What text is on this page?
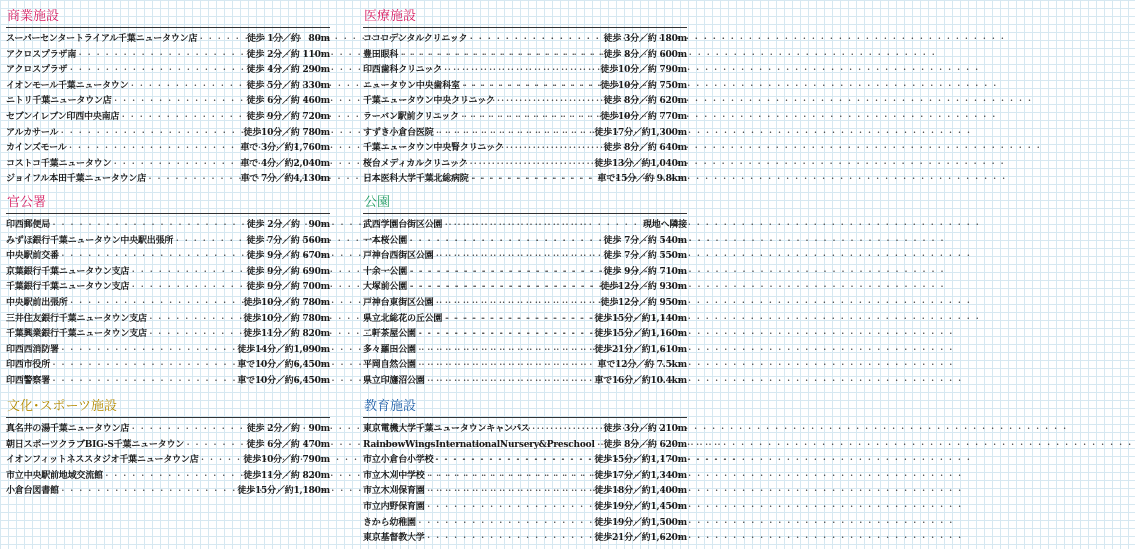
商業施設
スーパーセンタートライアル千葉ニュータウン店 ・・・・・・・・・・・・・・・・・・・・・・・・・・・・・・・・・・・・・・・・・・・・・・・・・・・・・・・・・・・・	徒歩 1分／約　80m
アクロスプラザ南 ・・・・・・・・・・・・・・・・・・・・・・・・・・・・・・・・・・・・・・・・・・・・・・・・・・・・・・・・・・・・	徒歩 2分／約 110m
アクロスプラザ ・・・・・・・・・・・・・・・・・・・・・・・・・・・・・・・・・・・・・・・・・・・・・・・・・・・・・・・・・・・・	徒歩 4分／約 290m
イオンモール千葉ニュータウン ・・・・・・・・・・・・・・・・・・・・・・・・・・・・・・・・・・・・・・・・・・・・・・・・・・・・・・・・・・・・	徒歩 5分／約 330m
ニトリ千葉ニュータウン店 ・・・・・・・・・・・・・・・・・・・・・・・・・・・・・・・・・・・・・・・・・・・・・・・・・・・・・・・・・・・・	徒歩 6分／約 460m
セブンイレブン印西中央南店 ・・・・・・・・・・・・・・・・・・・・・・・・・・・・・・・・・・・・・・・・・・・・・・・・・・・・・・・・・・・・	徒歩 9分／約 720m
アルカサール ・・・・・・・・・・・・・・・・・・・・・・・・・・・・・・・・・・・・・・・・・・・・・・・・・・・・・・・・・・・・	徒歩10分／約 780m
カインズモール ・・・・・・・・・・・・・・・・・・・・・・・・・・・・・・・・・・・・・・・・・・・・・・・・・・・・・・・・・・・・	車で 3分／約1,760m
コストコ千葉ニュータウン ・・・・・・・・・・・・・・・・・・・・・・・・・・・・・・・・・・・・・・・・・・・・・・・・・・・・・・・・・・・・	車で 4分／約2,040m
ジョイフル本田千葉ニュータウン店 ・・・・・・・・・・・・・・・・・・・・・・・・・・・・・・・・・・・・・・・・・・・・・・・・・・・・・・・・・・・・	車で 7分／約4,130m
医療施設
ココロデンタルクリニック ・・・・・・・・・・・・・・・・・・・・・・・・・・・・・・・・・・・・・・・・・・・・・・・・・・・・・・・・・・・・	徒歩 3分／約 180m
豊田眼科 ・・・・・・・・・・・・・・・・・・・・・・・・・・・・・・・・・・・・・・・・・・・・・・・・・・・・・・・・・・・・	徒歩 8分／約 600m
印西歯科クリニック ・・・・・・・・・・・・・・・・・・・・・・・・・・・・・・・・・・・・・・・・・・・・・・・・・・・・・・・・・・・・	徒歩10分／約 790m
ニュータウン中央歯科室 ・・・・・・・・・・・・・・・・・・・・・・・・・・・・・・・・・・・・・・・・・・・・・・・・・・・・・・・・・・・・	徒歩10分／約 750m
千葉ニュータウン中央クリニック ・・・・・・・・・・・・・・・・・・・・・・・・・・・・・・・・・・・・・・・・・・・・・・・・・・・・・・・・・・・・	徒歩 8分／約 620m
ラーバン駅前クリニック ・・・・・・・・・・・・・・・・・・・・・・・・・・・・・・・・・・・・・・・・・・・・・・・・・・・・・・・・・・・・	徒歩10分／約 770m
すずき小倉台医院 ・・・・・・・・・・・・・・・・・・・・・・・・・・・・・・・・・・・・・・・・・・・・・・・・・・・・・・・・・・・・	徒歩17分／約1,300m
千葉ニュータウン中央腎クリニック ・・・・・・・・・・・・・・・・・・・・・・・・・・・・・・・・・・・・・・・・・・・・・・・・・・・・・・・・・・・・	徒歩 8分／約 640m
桜台メディカルクリニック ・・・・・・・・・・・・・・・・・・・・・・・・・・・・・・・・・・・・・・・・・・・・・・・・・・・・・・・・・・・・	徒歩13分／約1,040m
日本医科大学千葉北総病院 ・・・・・・・・・・・・・・・・・・・・・・・・・・・・・・・・・・・・・・・・・・・・・・・・・・・・・・・・・・・・	車で15分／約 9.8km
官公署
印西郵便局 ・・・・・・・・・・・・・・・・・・・・・・・・・・・・・・・・・・・・・・・・・・・・・・・・・・・・・・・・・・・・	徒歩 2分／約　90m
みずほ銀行千葉ニュータウン中央駅出張所 ・・・・・・・・・・・・・・・・・・・・・・・・・・・・・・・・・・・・・・・・・・・・・・・・・・・・・・・・・・・・	徒歩 7分／約 560m
中央駅前交番 ・・・・・・・・・・・・・・・・・・・・・・・・・・・・・・・・・・・・・・・・・・・・・・・・・・・・・・・・・・・・	徒歩 9分／約 670m
京葉銀行千葉ニュータウン支店 ・・・・・・・・・・・・・・・・・・・・・・・・・・・・・・・・・・・・・・・・・・・・・・・・・・・・・・・・・・・・	徒歩 9分／約 690m
千葉銀行千葉ニュータウン支店 ・・・・・・・・・・・・・・・・・・・・・・・・・・・・・・・・・・・・・・・・・・・・・・・・・・・・・・・・・・・・	徒歩 9分／約 700m
中央駅前出張所 ・・・・・・・・・・・・・・・・・・・・・・・・・・・・・・・・・・・・・・・・・・・・・・・・・・・・・・・・・・・・	徒歩10分／約 780m
三井住友銀行千葉ニュータウン支店 ・・・・・・・・・・・・・・・・・・・・・・・・・・・・・・・・・・・・・・・・・・・・・・・・・・・・・・・・・・・・	徒歩10分／約 780m
千葉興業銀行千葉ニュータウン支店 ・・・・・・・・・・・・・・・・・・・・・・・・・・・・・・・・・・・・・・・・・・・・・・・・・・・・・・・・・・・・	徒歩11分／約 820m
印西西消防署 ・・・・・・・・・・・・・・・・・・・・・・・・・・・・・・・・・・・・・・・・・・・・・・・・・・・・・・・・・・・・	徒歩14分／約1,090m
印西市役所 ・・・・・・・・・・・・・・・・・・・・・・・・・・・・・・・・・・・・・・・・・・・・・・・・・・・・・・・・・・・・	車で10分／約6,450m
印西警察署 ・・・・・・・・・・・・・・・・・・・・・・・・・・・・・・・・・・・・・・・・・・・・・・・・・・・・・・・・・・・・	車で10分／約6,450m
公園
武西学園台街区公園 ・・・・・・・・・・・・・・・・・・・・・・・・・・・・・・・・・・・・・・・・・・・・・・・・・・・・・・・・・・・・	現地へ隣接
一本桜公園 ・・・・・・・・・・・・・・・・・・・・・・・・・・・・・・・・・・・・・・・・・・・・・・・・・・・・・・・・・・・・	徒歩 7分／約 540m
戸神台西街区公園 ・・・・・・・・・・・・・・・・・・・・・・・・・・・・・・・・・・・・・・・・・・・・・・・・・・・・・・・・・・・・	徒歩 7分／約 550m
十余一公園 ・・・・・・・・・・・・・・・・・・・・・・・・・・・・・・・・・・・・・・・・・・・・・・・・・・・・・・・・・・・・	徒歩 9分／約 710m
大塚前公園 ・・・・・・・・・・・・・・・・・・・・・・・・・・・・・・・・・・・・・・・・・・・・・・・・・・・・・・・・・・・・	徒歩12分／約 930m
戸神台東街区公園 ・・・・・・・・・・・・・・・・・・・・・・・・・・・・・・・・・・・・・・・・・・・・・・・・・・・・・・・・・・・・	徒歩12分／約 950m
県立北総花の丘公園 ・・・・・・・・・・・・・・・・・・・・・・・・・・・・・・・・・・・・・・・・・・・・・・・・・・・・・・・・・・・・	徒歩15分／約1,140m
二軒茶屋公園 ・・・・・・・・・・・・・・・・・・・・・・・・・・・・・・・・・・・・・・・・・・・・・・・・・・・・・・・・・・・・	徒歩15分／約1,160m
多々羅田公園 ・・・・・・・・・・・・・・・・・・・・・・・・・・・・・・・・・・・・・・・・・・・・・・・・・・・・・・・・・・・・	徒歩21分／約1,610m
平岡自然公園 ・・・・・・・・・・・・・・・・・・・・・・・・・・・・・・・・・・・・・・・・・・・・・・・・・・・・・・・・・・・・	車で12分／約 7.5km
県立印旛沼公園 ・・・・・・・・・・・・・・・・・・・・・・・・・・・・・・・・・・・・・・・・・・・・・・・・・・・・・・・・・・・・	車で16分／約10.4km
文化･スポーツ施設
真名井の湯千葉ニュータウン店 ・・・・・・・・・・・・・・・・・・・・・・・・・・・・・・・・・・・・・・・・・・・・・・・・・・・・・・・・・・・・	徒歩 2分／約　90m
朝日スポーツクラブBIG-S千葉ニュータウン ・・・・・・・・・・・・・・・・・・・・・・・・・・・・・・・・・・・・・・・・・・・・・・・・・・・・・・・・・・・・	徒歩 6分／約 470m
イオンフィットネススタジオ千葉ニュータウン店 ・・・・・・・・・・・・・・・・・・・・・・・・・・・・・・・・・・・・・・・・・・・・・・・・・・・・・・・・・・・・	徒歩10分／約 790m
市立中央駅前地域交流館 ・・・・・・・・・・・・・・・・・・・・・・・・・・・・・・・・・・・・・・・・・・・・・・・・・・・・・・・・・・・・	徒歩11分／約 820m
小倉台図書館 ・・・・・・・・・・・・・・・・・・・・・・・・・・・・・・・・・・・・・・・・・・・・・・・・・・・・・・・・・・・・	徒歩15分／約1,180m
教育施設
東京電機大学千葉ニュータウンキャンパス ・・・・・・・・・・・・・・・・・・・・・・・・・・・・・・・・・・・・・・・・・・・・・・・・・・・・・・・・・・・・	徒歩 3分／約 210m
RainbowWingsInternationalNursery&Preschool ・・・・・・・・・・・・・・・・・・・・・・・・・・・・・・・・・・・・・・・・・・・・・・・・・・・・・・・・・・・・ 徒歩 8分／約 620m
市立小倉台小学校 ・・・・・・・・・・・・・・・・・・・・・・・・・・・・・・・・・・・・・・・・・・・・・・・・・・・・・・・・・・・・	徒歩15分／約1,170m
市立木刈中学校 ・・・・・・・・・・・・・・・・・・・・・・・・・・・・・・・・・・・・・・・・・・・・・・・・・・・・・・・・・・・・	徒歩17分／約1,340m
市立木刈保育園 ・・・・・・・・・・・・・・・・・・・・・・・・・・・・・・・・・・・・・・・・・・・・・・・・・・・・・・・・・・・・	徒歩18分／約1,400m
市立内野保育園 ・・・・・・・・・・・・・・・・・・・・・・・・・・・・・・・・・・・・・・・・・・・・・・・・・・・・・・・・・・・・	徒歩19分／約1,450m
きから幼稚園 ・・・・・・・・・・・・・・・・・・・・・・・・・・・・・・・・・・・・・・・・・・・・・・・・・・・・・・・・・・・・	徒歩19分／約1,500m
東京基督教大学 ・・・・・・・・・・・・・・・・・・・・・・・・・・・・・・・・・・・・・・・・・・・・・・・・・・・・・・・・・・・・	徒歩21分／約1,620m
